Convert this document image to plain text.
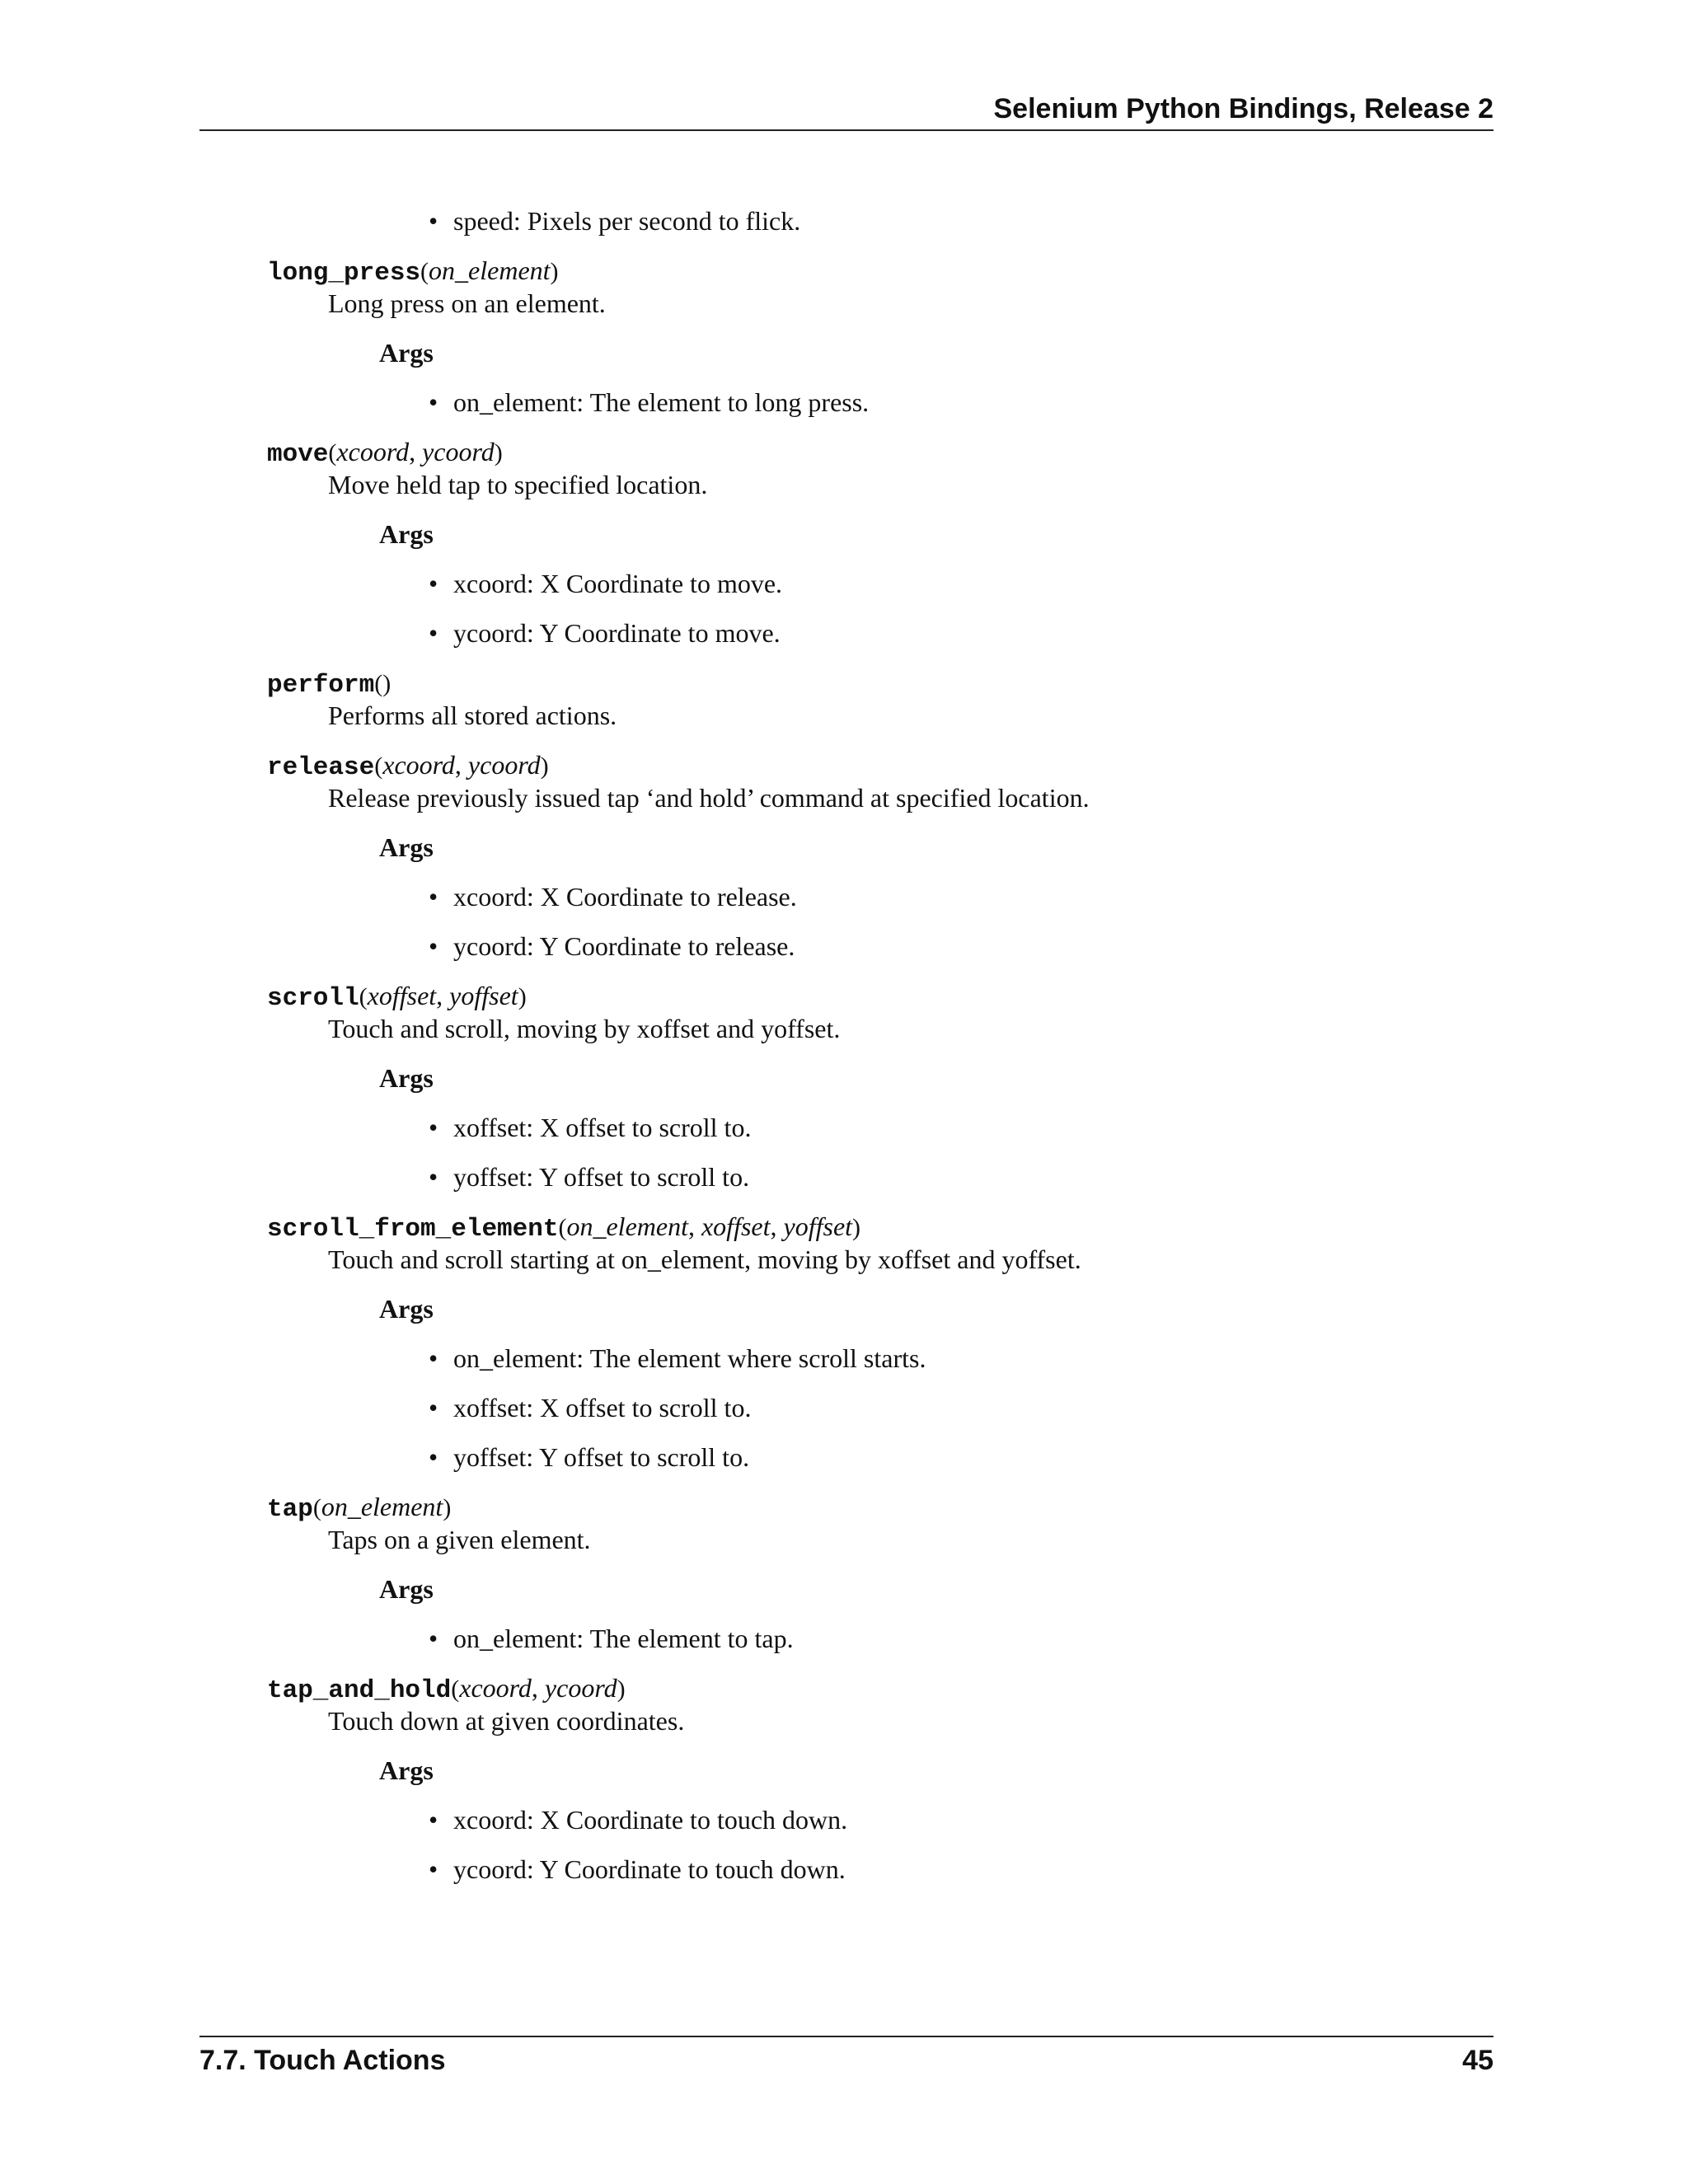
Selenium Python Bindings, Release 2
• speed: Pixels per second to flick.
long_press(on_element)
Long press on an element.
Args
• on_element: The element to long press.
move(xcoord, ycoord)
Move held tap to specified location.
Args
• xcoord: X Coordinate to move.
• ycoord: Y Coordinate to move.
perform()
Performs all stored actions.
release(xcoord, ycoord)
Release previously issued tap ‘and hold’ command at specified location.
Args
• xcoord: X Coordinate to release.
• ycoord: Y Coordinate to release.
scroll(xoffset, yoffset)
Touch and scroll, moving by xoffset and yoffset.
Args
• xoffset: X offset to scroll to.
• yoffset: Y offset to scroll to.
scroll_from_element(on_element, xoffset, yoffset)
Touch and scroll starting at on_element, moving by xoffset and yoffset.
Args
• on_element: The element where scroll starts.
• xoffset: X offset to scroll to.
• yoffset: Y offset to scroll to.
tap(on_element)
Taps on a given element.
Args
• on_element: The element to tap.
tap_and_hold(xcoord, ycoord)
Touch down at given coordinates.
Args
• xcoord: X Coordinate to touch down.
• ycoord: Y Coordinate to touch down.
7.7. Touch Actions	45
